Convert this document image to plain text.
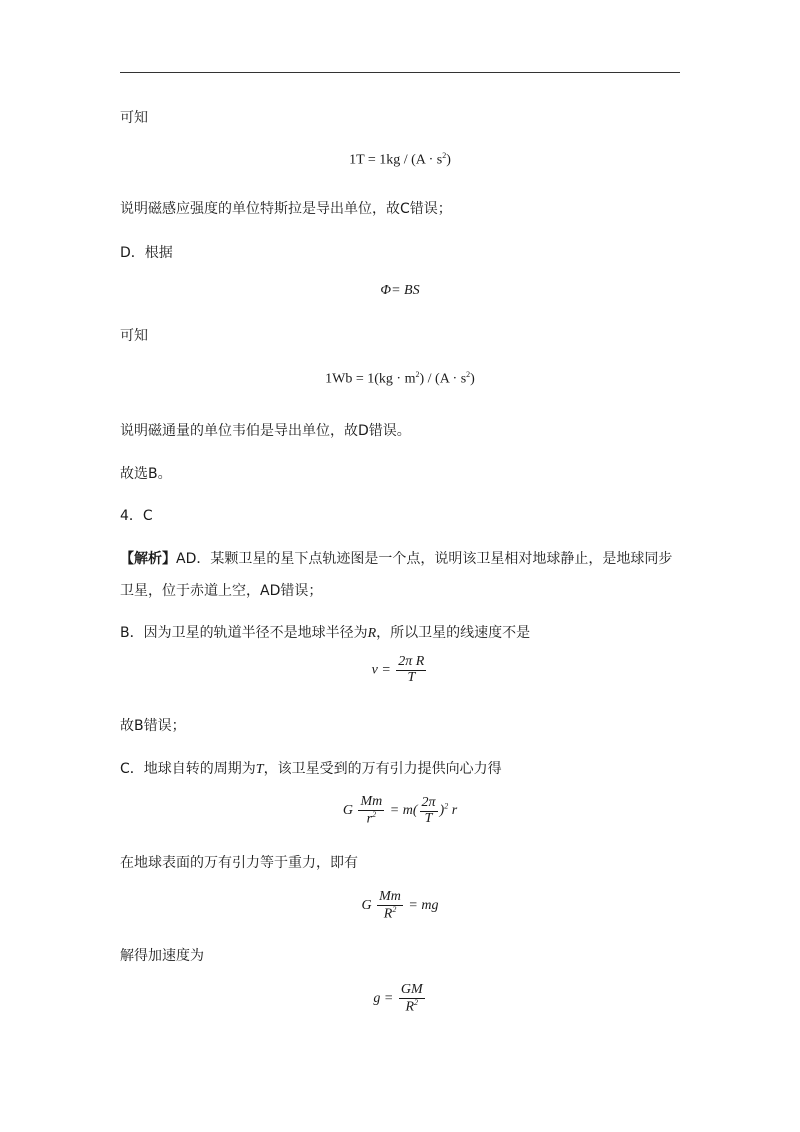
可知
$1T = 1kg / (A \cdot s^2)$
说明磁感应强度的单位特斯拉是导出单位，故C错误；
D．根据
Φ= BS
可知
$1Wb = 1(kg \cdot m^2) / (A \cdot s^2)$
说明磁通量的单位韦伯是导出单位，故D错误。
故选B。
4．C
【解析】AD．某颗卫星的星下点轨迹图是一个点，说明该卫星相对地球静止，是地球同步
卫星，位于赤道上空，AD错误；
B．因为卫星的轨道半径不是地球半径为R，所以卫星的线速度不是
$v = \frac{\text{2π R}}{T}$
故B错误；
C．地球自转的周期为T，该卫星受到的万有引力提供向心力得
G $\frac{Mm}{r^2} = m( \frac{2\pi}{T} )^2$ r
在地球表面的万有引力等于重力，即有
G $\frac{Mm}{R^2}$ = mg
解得加速度为
$g = \frac{GM}{R^2}$
